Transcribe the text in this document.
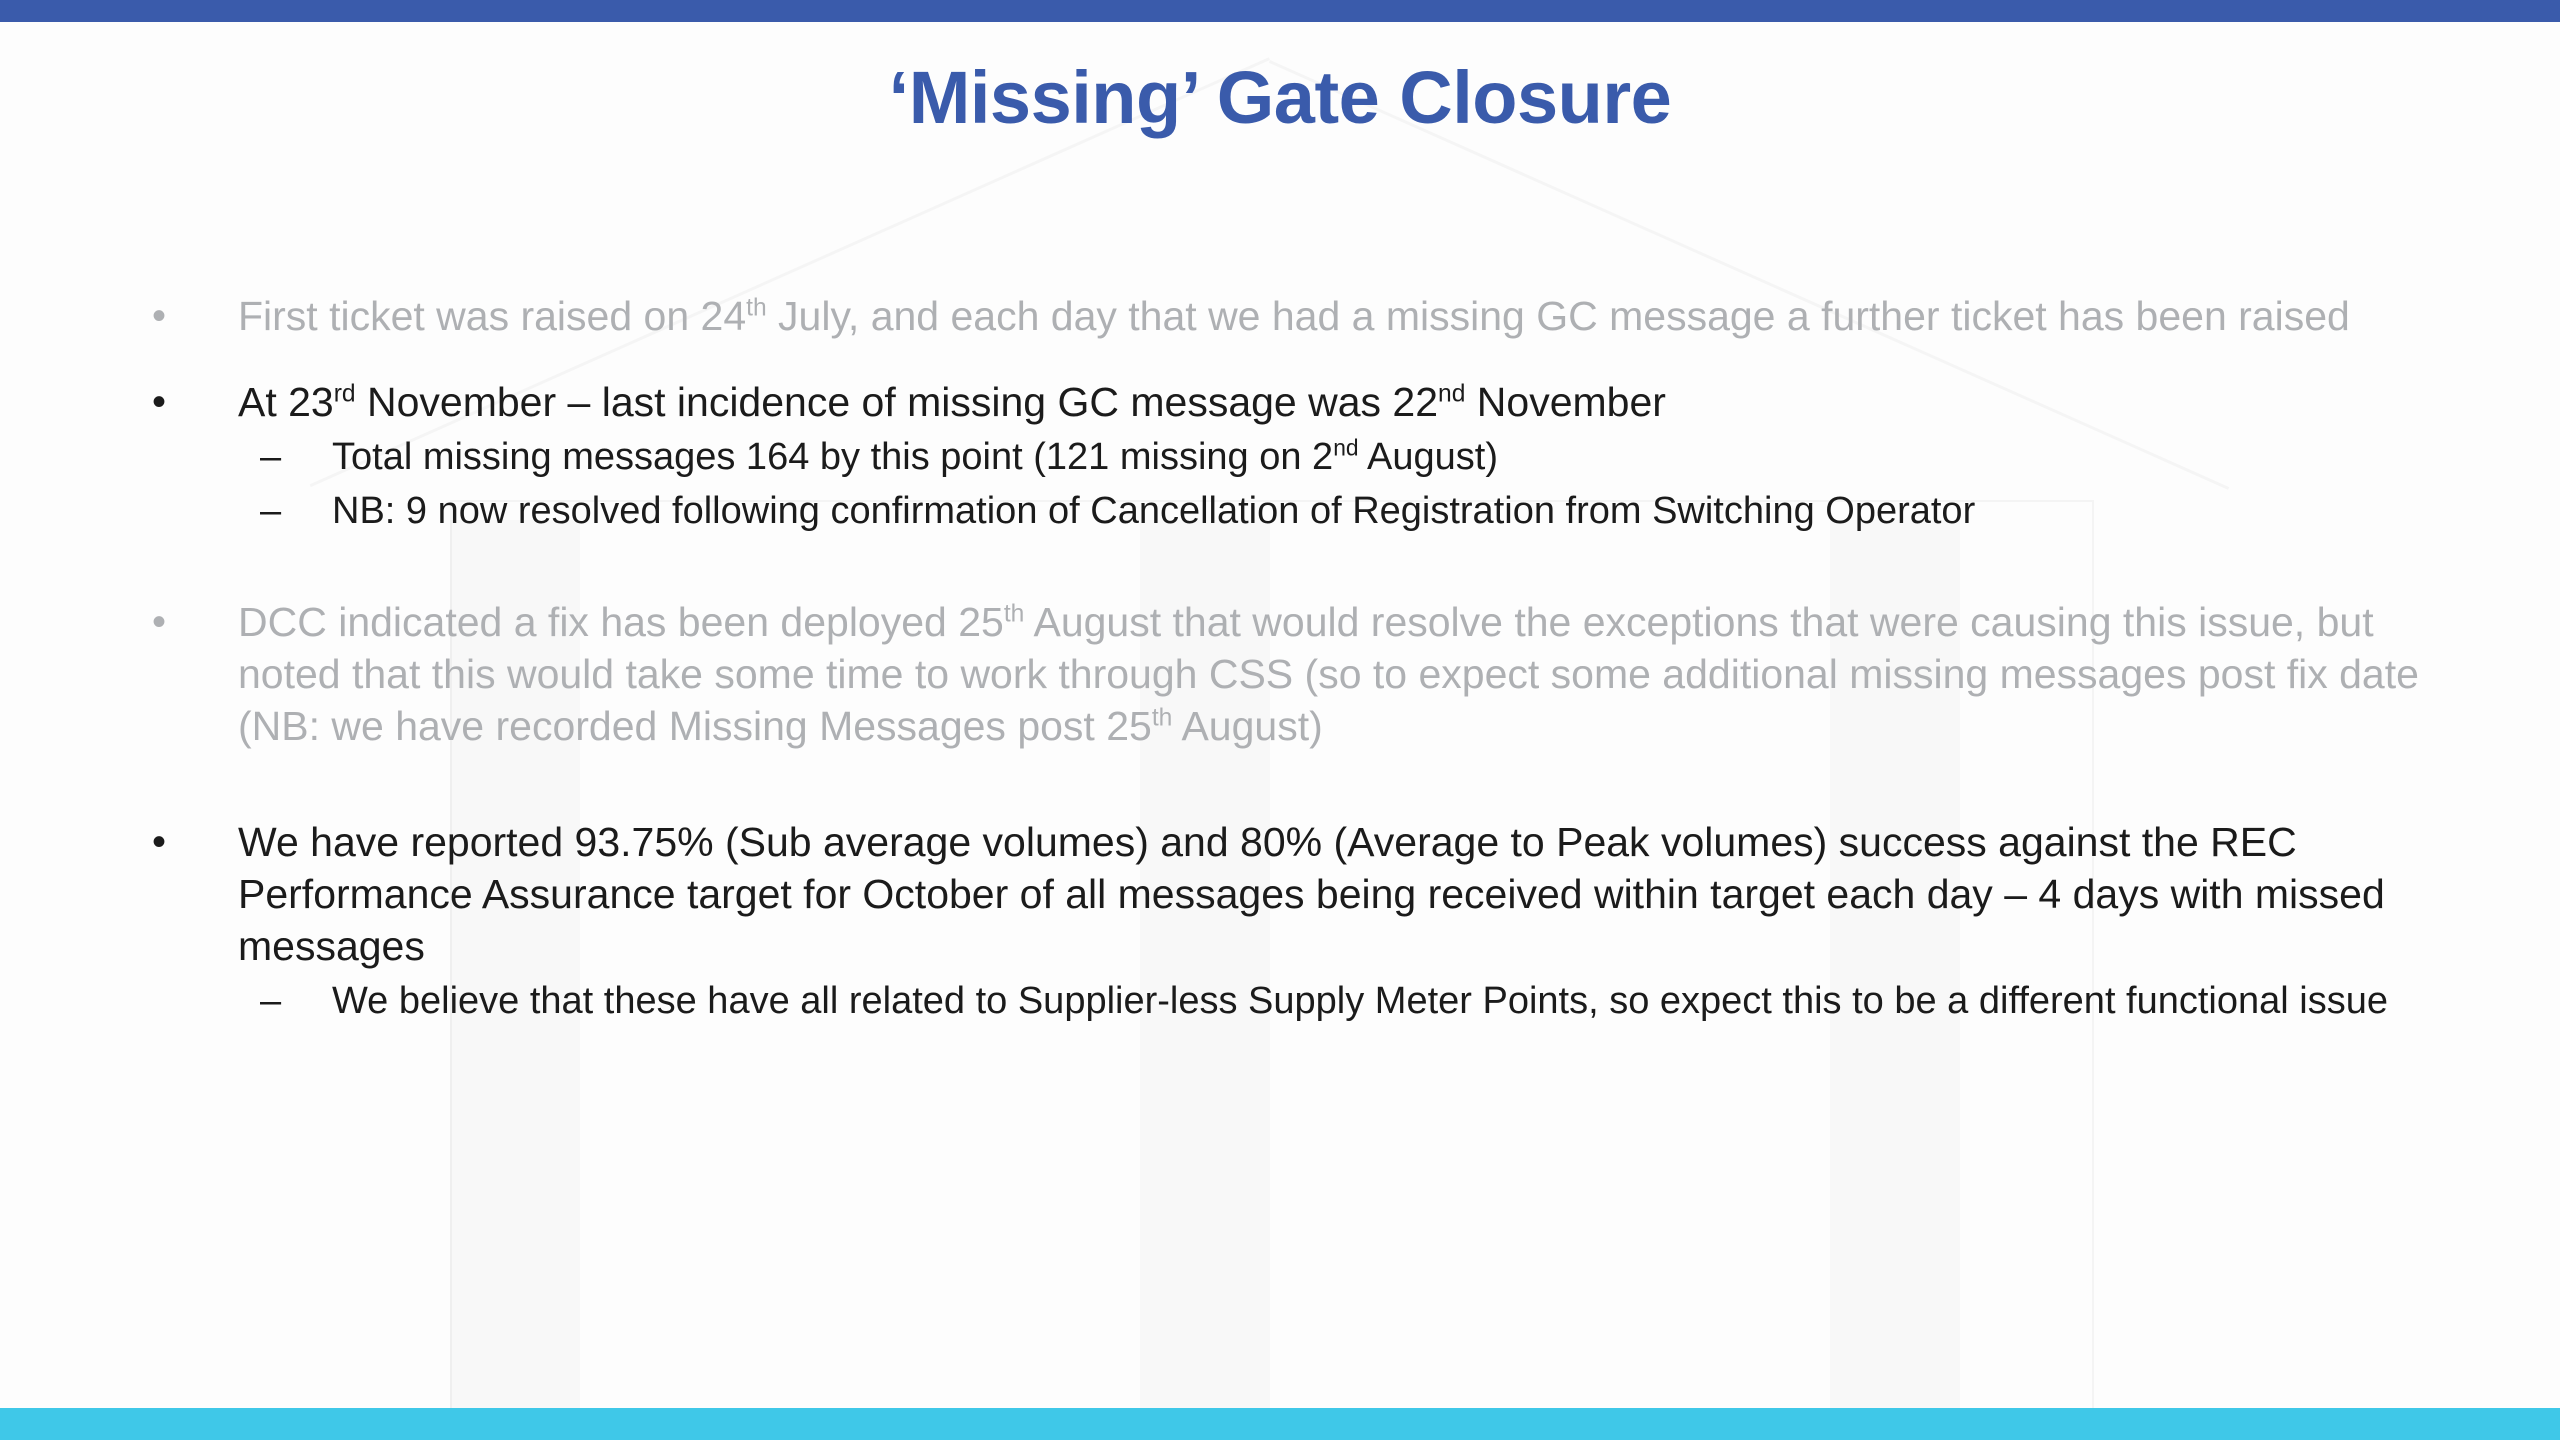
‘Missing’ Gate Closure
•	First ticket was raised on 24th July, and each day that we had a missing GC message a further ticket has been raised
•	At 23rd November – last incidence of missing GC message was 22nd November
–	Total missing messages 164 by this point (121 missing on 2nd August)
–	NB: 9 now resolved following confirmation of Cancellation of Registration from Switching Operator
•	DCC indicated a fix has been deployed 25th August that would resolve the exceptions that were causing this issue, but noted that this would take some time to work through CSS (so to expect some additional missing messages post fix date (NB: we have recorded Missing Messages post 25th August)
•	We have reported 93.75% (Sub average volumes) and 80% (Average to Peak volumes) success against the REC Performance Assurance target for October of all messages being received within target each day – 4 days with missed messages
–	We believe that these have all related to Supplier-less Supply Meter Points, so expect this to be a different functional issue
